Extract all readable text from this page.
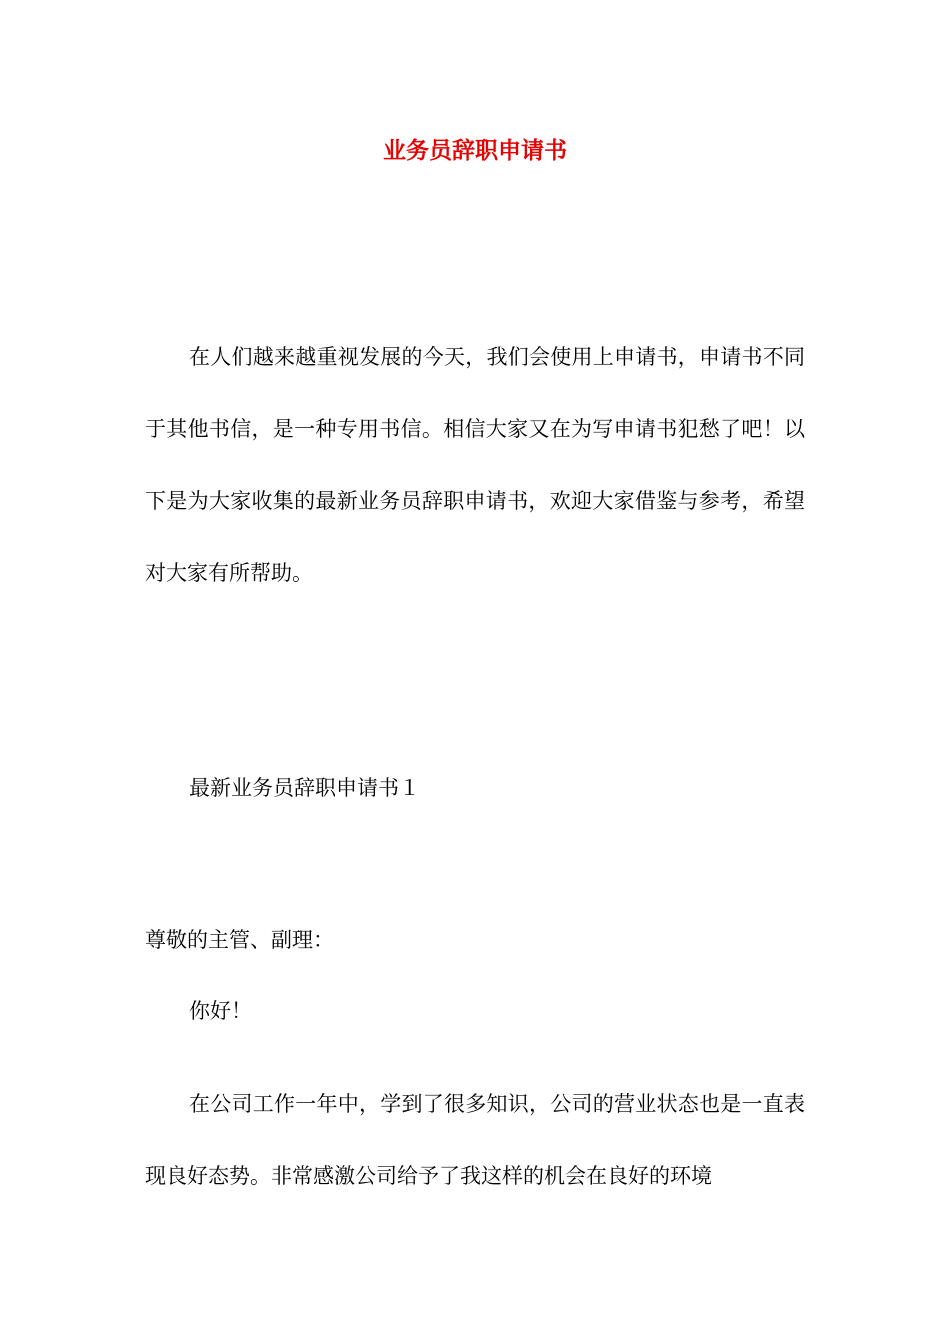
业务员辞职申请书

在人们越来越重视发展的今天，我们会使用上申请书，申请书不同于其他书信，是一种专用书信。相信大家又在为写申请书犯愁了吧！以下是为大家收集的最新业务员辞职申请书，欢迎大家借鉴与参考，希望对大家有所帮助。

最新业务员辞职申请书１

尊敬的主管、副理：

你好！

在公司工作一年中，学到了很多知识，公司的营业状态也是一直表现良好态势。非常感激公司给予了我这样的机会在良好的环境
